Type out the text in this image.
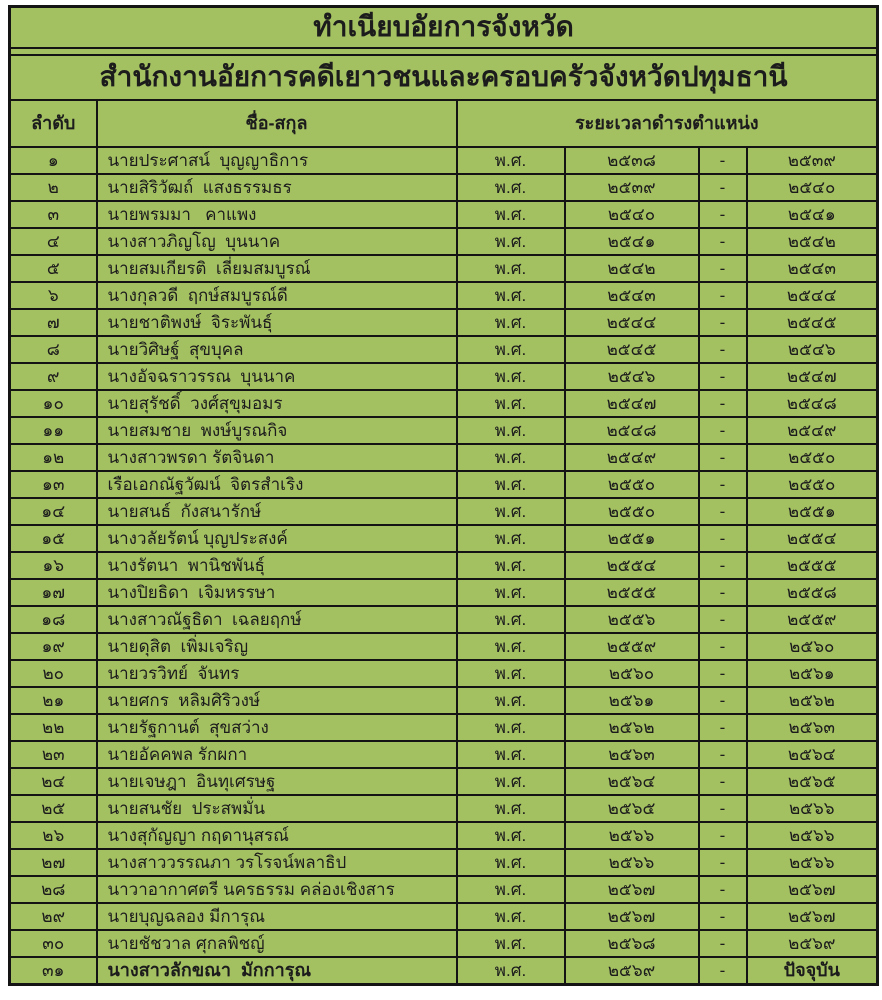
ทำเนียบอัยการจังหวัด					

สำนักงานอัยการคดีเยาวชนและครอบครัวจังหวัดปทุมธานี					
ลำดับ	ชื่อ-สกุล	ระยะเวลาดำรงตำแหน่ง			
๑	นายประศาสน์  บุญญาธิการ	พ.ศ.	๒๕๓๘	-	๒๕๓๙
๒	นายสิริวัฒถ์  แสงธรรมธร	พ.ศ.	๒๕๓๙	-	๒๕๔๐
๓	นายพรมมา   คาแพง	พ.ศ.	๒๕๔๐	-	๒๕๔๑
๔	นางสาวภิญโญ  บุนนาค	พ.ศ.	๒๕๔๑	-	๒๕๔๒
๕	นายสมเกียรติ  เลี่ยมสมบูรณ์	พ.ศ.	๒๕๔๒	-	๒๕๔๓
๖	นางกุลวดี  ฤกษ์สมบูรณ์ดี	พ.ศ.	๒๕๔๓	-	๒๕๔๔
๗	นายชาติพงษ์  จิระพันธุ์	พ.ศ.	๒๕๔๔	-	๒๕๔๕
๘	นายวิศิษฐ์  สุขบุคล	พ.ศ.	๒๕๔๕	-	๒๕๔๖
๙	นางอัจฉราวรรณ  บุนนาค	พ.ศ.	๒๕๔๖	-	๒๕๔๗
๑๐	นายสุรัชดิ์  วงศ์สุขุมอมร	พ.ศ.	๒๕๔๗	-	๒๕๔๘
๑๑	นายสมชาย  พงษ์บูรณกิจ	พ.ศ.	๒๕๔๘	-	๒๕๔๙
๑๒	นางสาวพรดา รัตจินดา	พ.ศ.	๒๕๔๙	-	๒๕๕๐
๑๓	เรือเอกณัฐวัฒน์  จิตรสำเริง	พ.ศ.	๒๕๕๐	-	๒๕๕๐
๑๔	นายสนธ์  กังสนารักษ์	พ.ศ.	๒๕๕๐	-	๒๕๕๑
๑๕	นางวลัยรัตน์ บุญประสงค์	พ.ศ.	๒๕๕๑	-	๒๕๕๔
๑๖	นางรัตนา  พานิชพันธุ์	พ.ศ.	๒๕๕๔	-	๒๕๕๕
๑๗	นางปิยธิดา  เจิมหรรษา	พ.ศ.	๒๕๕๕	-	๒๕๕๘
๑๘	นางสาวณัฐธิดา  เฉลยฤกษ์	พ.ศ.	๒๕๕๖	-	๒๕๕๙
๑๙	นายดุสิต  เพิ่มเจริญ	พ.ศ.	๒๕๕๙	-	๒๕๖๐
๒๐	นายวรวิทย์  จันทร	พ.ศ.	๒๕๖๐	-	๒๕๖๑
๒๑	นายศกร  หลิมศิริวงษ์	พ.ศ.	๒๕๖๑	-	๒๕๖๒
๒๒	นายรัฐกานต์  สุขสว่าง	พ.ศ.	๒๕๖๒	-	๒๕๖๓
๒๓	นายอัคคพล รักผกา	พ.ศ.	๒๕๖๓	-	๒๕๖๔
๒๔	นายเจษฎา  อินทุเศรษฐ	พ.ศ.	๒๕๖๔	-	๒๕๖๕
๒๕	นายสนชัย  ประสพมั่น	พ.ศ.	๒๕๖๕	-	๒๕๖๖
๒๖	นางสุกัญญา กฤดานุสรณ์	พ.ศ.	๒๕๖๖	-	๒๕๖๖
๒๗	นางสาววรรณภา วรโรจน์พลาธิป	พ.ศ.	๒๕๖๖	-	๒๕๖๖
๒๘	นาวาอากาศตรี นครธรรม คล่องเชิงสาร	พ.ศ.	๒๕๖๗	-	๒๕๖๗
๒๙	นายบุญฉลอง มีการุณ	พ.ศ.	๒๕๖๗	-	๒๕๖๗
๓๐	นายชัชวาล ศุกลพิชญ์	พ.ศ.	๒๕๖๘	-	๒๕๖๙
๓๑	นางสาวลักขณา  มักการุณ	พ.ศ.	๒๕๖๙	-	ปัจจุบัน
